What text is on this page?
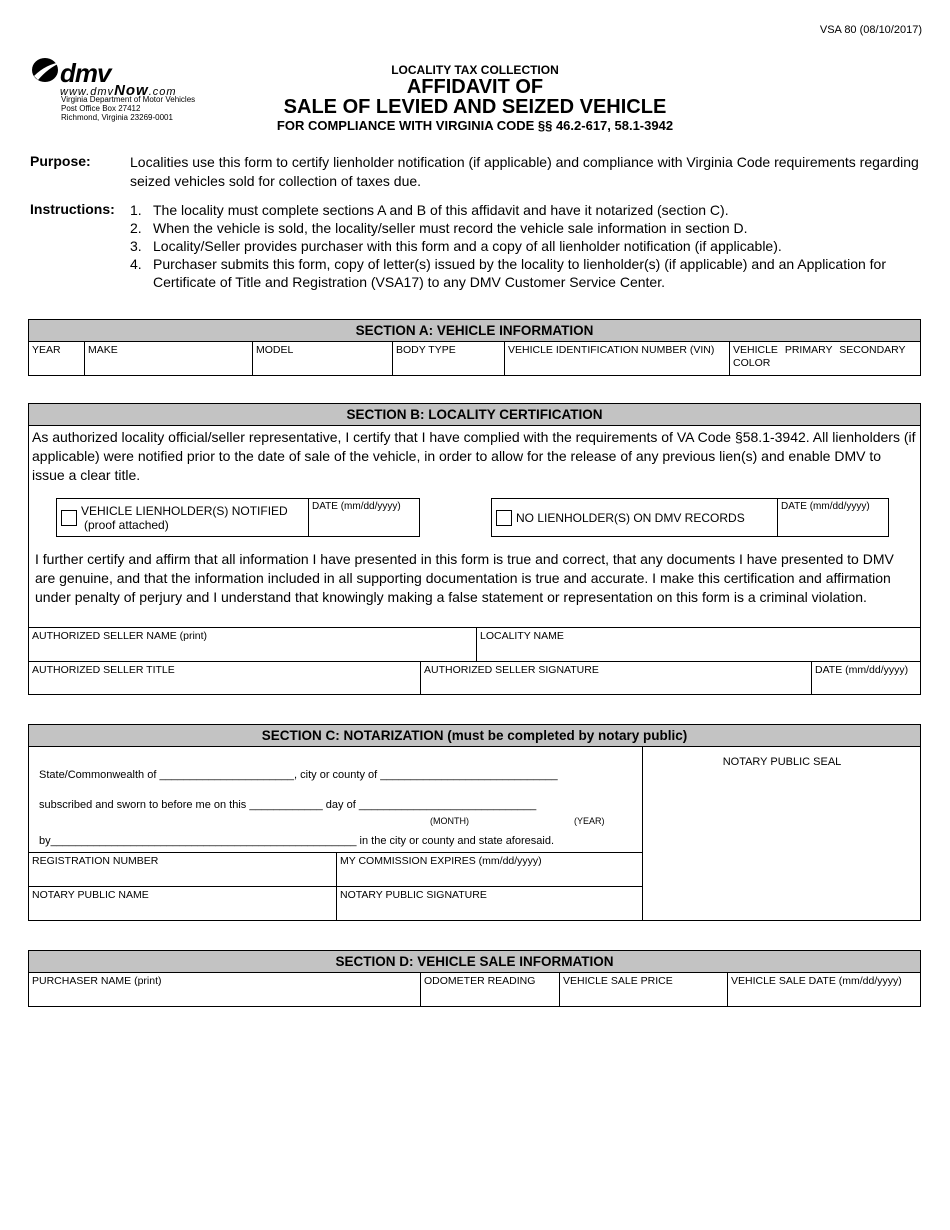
VSA 80 (08/10/2017)
dmv
www.dmvNow.com
Virginia Department of Motor Vehicles
Post Office Box 27412
Richmond, Virginia 23269-0001
LOCALITY TAX COLLECTION
AFFIDAVIT OF
SALE OF LEVIED AND SEIZED VEHICLE
FOR COMPLIANCE WITH VIRGINIA CODE §§ 46.2-617, 58.1-3942
Purpose:	Localities use this form to certify lienholder notification (if applicable) and compliance with Virginia Code requirements regarding seized vehicles sold for collection of taxes due.
Instructions: 1. The locality must complete sections A and B of this affidavit and have it notarized (section C).
2. When the vehicle is sold, the locality/seller must record the vehicle sale information in section D.
3. Locality/Seller provides purchaser with this form and a copy of all lienholder notification (if applicable).
4. Purchaser submits this form, copy of letter(s) issued by the locality to lienholder(s) (if applicable) and an Application for Certificate of Title and Registration (VSA17) to any DMV Customer Service Center.
SECTION A: VEHICLE INFORMATION
YEAR	MAKE	MODEL	BODY TYPE	VEHICLE IDENTIFICATION NUMBER (VIN)	VEHICLE PRIMARY SECONDARY COLOR
SECTION B: LOCALITY CERTIFICATION
As authorized locality official/seller representative, I certify that I have complied with the requirements of VA Code §58.1-3942. All lienholders (if applicable) were notified prior to the date of sale of the vehicle, in order to allow for the release of any previous lien(s) and enable DMV to issue a clear title.
VEHICLE LIENHOLDER(S) NOTIFIED
(proof attached)
DATE (mm/dd/yyyy)
NO LIENHOLDER(S) ON DMV RECORDS
DATE (mm/dd/yyyy)
I further certify and affirm that all information I have presented in this form is true and correct, that any documents I have presented to DMV are genuine, and that the information included in all supporting documentation is true and accurate. I make this certification and affirmation under penalty of perjury and I understand that knowingly making a false statement or representation on this form is a criminal violation.
AUTHORIZED SELLER NAME (print)	LOCALITY NAME
AUTHORIZED SELLER TITLE	AUTHORIZED SELLER SIGNATURE	DATE (mm/dd/yyyy)
SECTION C: NOTARIZATION (must be completed by notary public)
State/Commonwealth of ______________________, city or county of _____________________________
subscribed and sworn to before me on this ____________ day of _____________________________
(MONTH)	(YEAR)
by__________________________________________________ in the city or county and state aforesaid.
NOTARY PUBLIC SEAL
REGISTRATION NUMBER	MY COMMISSION EXPIRES (mm/dd/yyyy)
NOTARY PUBLIC NAME	NOTARY PUBLIC SIGNATURE
SECTION D: VEHICLE SALE INFORMATION
PURCHASER NAME (print)	ODOMETER READING	VEHICLE SALE PRICE	VEHICLE SALE DATE (mm/dd/yyyy)
